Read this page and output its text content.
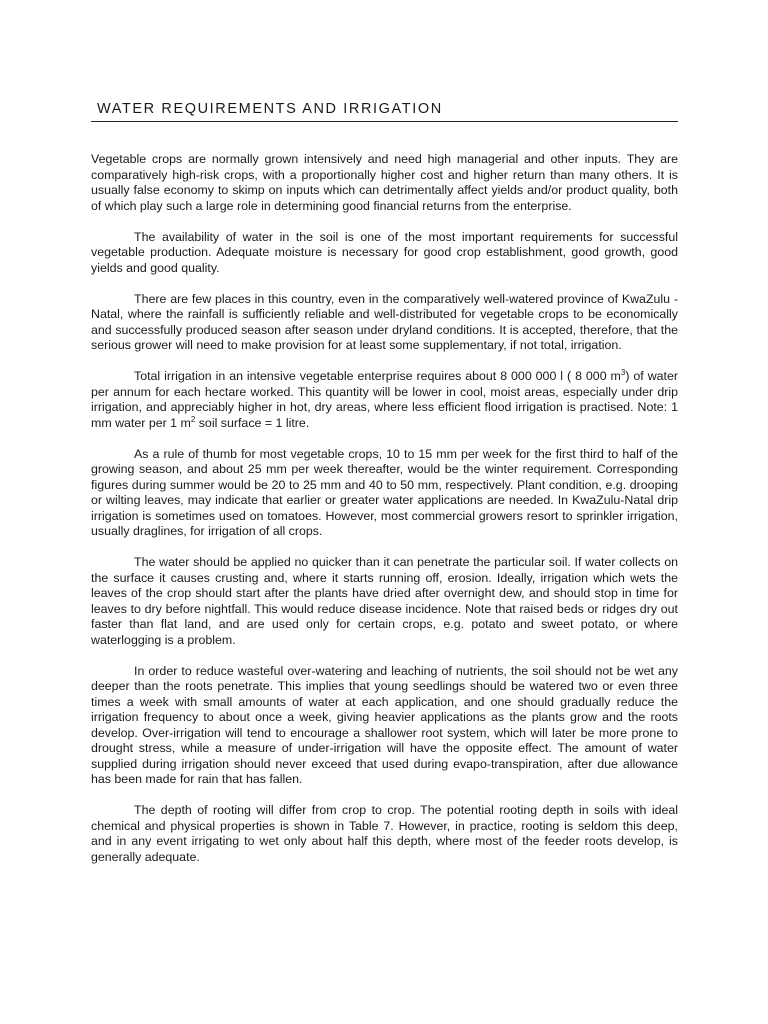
WATER REQUIREMENTS AND IRRIGATION

Vegetable crops are normally grown intensively and need high managerial and other inputs. They are comparatively high-risk crops, with a proportionally higher cost and higher return than many others. It is usually false economy to skimp on inputs which can detrimentally affect yields and/or product quality, both of which play such a large role in determining good financial returns from the enterprise.

The availability of water in the soil is one of the most important requirements for successful vegetable production. Adequate moisture is necessary for good crop establishment, good growth, good yields and good quality.

There are few places in this country, even in the comparatively well-watered province of KwaZulu -Natal, where the rainfall is sufficiently reliable and well-distributed for vegetable crops to be economically and successfully produced season after season under dryland conditions. It is accepted, therefore, that the serious grower will need to make provision for at least some supplementary, if not total, irrigation.

Total irrigation in an intensive vegetable enterprise requires about 8 000 000 l ( 8 000 $m^3$) of water per annum for each hectare worked. This quantity will be lower in cool, moist areas, especially under drip irrigation, and appreciably higher in hot, dry areas, where less efficient flood irrigation is practised. Note: 1 mm water per 1 $m^2$ soil surface = 1 litre.

As a rule of thumb for most vegetable crops, 10 to 15 mm per week for the first third to half of the growing season, and about 25 mm per week thereafter, would be the winter requirement. Corresponding figures during summer would be 20 to 25 mm and 40 to 50 mm, respectively. Plant condition, e.g. drooping or wilting leaves, may indicate that earlier or greater water applications are needed. In KwaZulu-Natal drip irrigation is sometimes used on tomatoes. However, most commercial growers resort to sprinkler irrigation, usually draglines, for irrigation of all crops.

The water should be applied no quicker than it can penetrate the particular soil. If water collects on the surface it causes crusting and, where it starts running off, erosion. Ideally, irrigation which wets the leaves of the crop should start after the plants have dried after overnight dew, and should stop in time for leaves to dry before nightfall. This would reduce disease incidence. Note that raised beds or ridges dry out faster than flat land, and are used only for certain crops, e.g. potato and sweet potato, or where waterlogging is a problem.

In order to reduce wasteful over-watering and leaching of nutrients, the soil should not be wet any deeper than the roots penetrate. This implies that young seedlings should be watered two or even three times a week with small amounts of water at each application, and one should gradually reduce the irrigation frequency to about once a week, giving heavier applications as the plants grow and the roots develop. Over-irrigation will tend to encourage a shallower root system, which will later be more prone to drought stress, while a measure of under-irrigation will have the opposite effect. The amount of water supplied during irrigation should never exceed that used during evapo-transpiration, after due allowance has been made for rain that has fallen.

The depth of rooting will differ from crop to crop. The potential rooting depth in soils with ideal chemical and physical properties is shown in Table 7. However, in practice, rooting is seldom this deep, and in any event irrigating to wet only about half this depth, where most of the feeder roots develop, is generally adequate.
